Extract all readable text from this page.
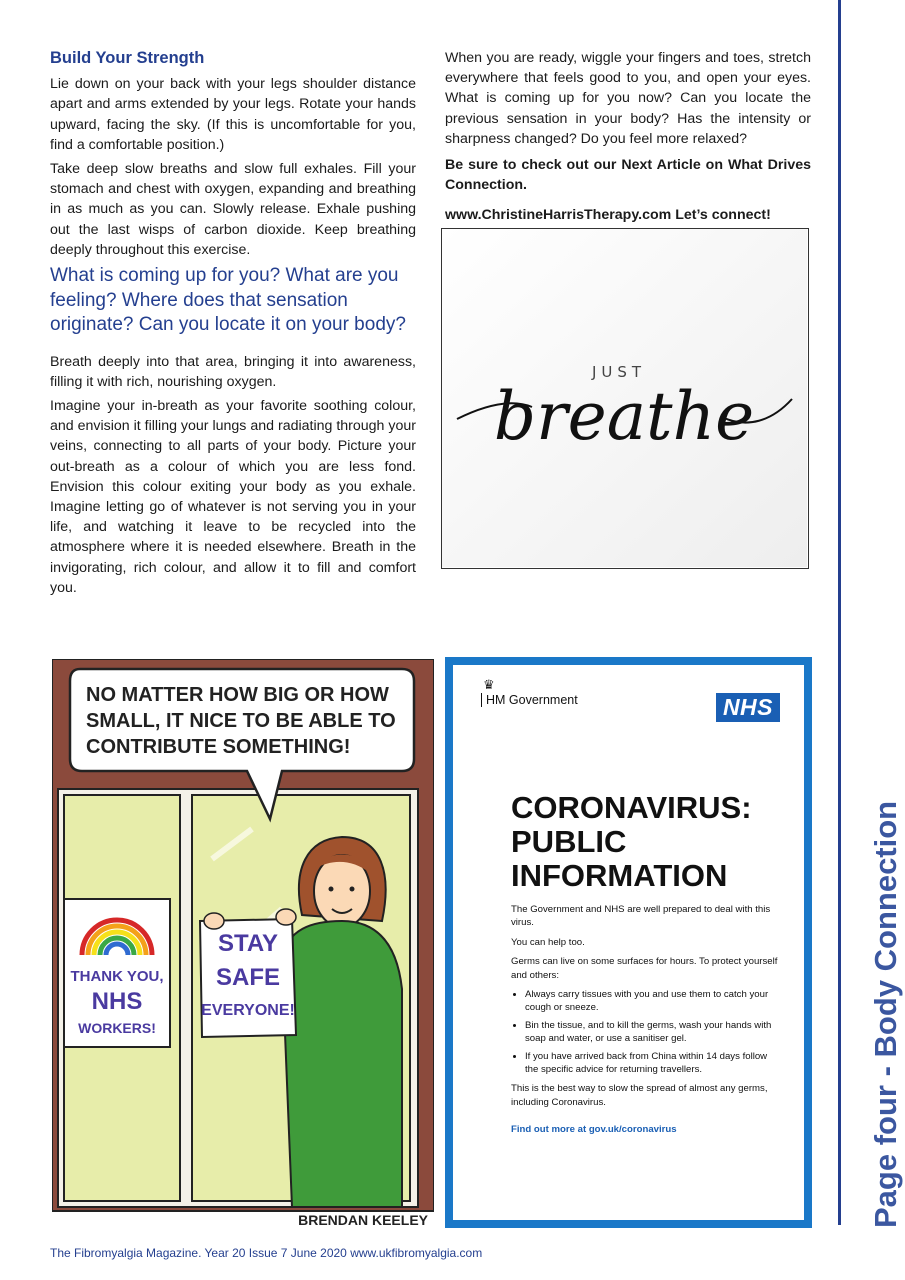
Build Your Strength

Lie down on your back with your legs shoulder distance apart and arms extended by your legs. Rotate your hands upward, facing the sky. (If this is uncomfortable for you, find a comfortable position.)

Take deep slow breaths and slow full exhales. Fill your stomach and chest with oxygen, expanding and breathing in as much as you can. Slowly release. Exhale pushing out the last wisps of carbon dioxide. Keep breathing deeply throughout this exercise.

What is coming up for you? What are you feeling? Where does that sensation originate? Can you locate it on your body?

Breath deeply into that area, bringing it into awareness, filling it with rich, nourishing oxygen.

Imagine your in-breath as your favorite soothing colour, and envision it filling your lungs and radiating through your veins, connecting to all parts of your body. Picture your out-breath as a colour of which you are less fond. Envision this colour exiting your body as you exhale. Imagine letting go of whatever is not serving you in your life, and watching it leave to be recycled into the atmosphere where it is needed elsewhere. Breath in the invigorating, rich colour, and allow it to fill and comfort you.

When you are ready, wiggle your fingers and toes, stretch everywhere that feels good to you, and open your eyes. What is coming up for you now? Can you locate the previous sensation in your body? Has the intensity or sharpness changed? Do you feel more relaxed?

Be sure to check out our Next Article on What Drives Connection.

www.ChristineHarrisTherapy.com Let’s connect!

JUST
breathe
NO MATTER HOW BIG OR HOW
SMALL, IT NICE TO BE ABLE TO
CONTRIBUTE SOMETHING!
THANK YOU,
NHS
WORKERS!
STAY
SAFE
EVERYONE!
BRENDAN KEELEY
♛
HM Government	NHS
CORONAVIRUS:
PUBLIC
INFORMATION

The Government and NHS are well prepared to deal with this virus.

You can help too.

Germs can live on some surfaces for hours. To protect yourself and others:

• Always carry tissues with you and use them to catch your cough or sneeze.
• Bin the tissue, and to kill the germs, wash your hands with soap and water, or use a sanitiser gel.
• If you have arrived back from China within 14 days follow the specific advice for returning travellers.

This is the best way to slow the spread of almost any germs, including Coronavirus.

Find out more at gov.uk/coronavirus	Page four - Body Connection
The Fibromyalgia Magazine. Year 20 Issue 7 June 2020 www.ukfibromyalgia.com
